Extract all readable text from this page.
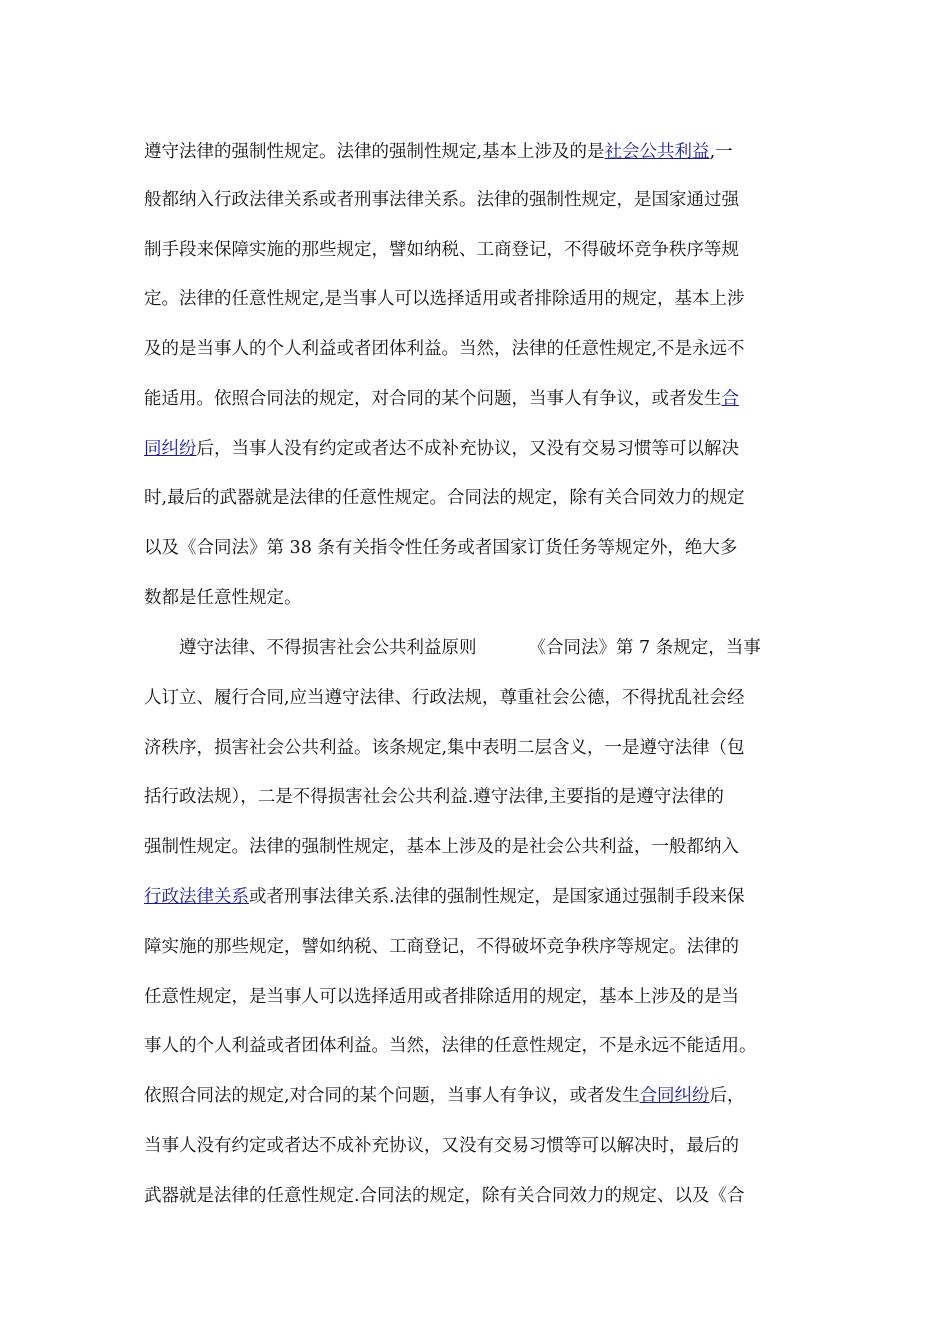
遵守法律的强制性规定。法律的强制性规定,基本上涉及的是社会公共利益,一
般都纳入行政法律关系或者刑事法律关系。法律的强制性规定，是国家通过强
制手段来保障实施的那些规定，譬如纳税、工商登记，不得破坏竞争秩序等规
定。法律的任意性规定,是当事人可以选择适用或者排除适用的规定，基本上涉
及的是当事人的个人利益或者团体利益。当然，法律的任意性规定,不是永远不
能适用。依照合同法的规定，对合同的某个问题，当事人有争议，或者发生合
同纠纷后，当事人没有约定或者达不成补充协议，又没有交易习惯等可以解决
时,最后的武器就是法律的任意性规定。合同法的规定，除有关合同效力的规定
以及《合同法》第 38 条有关指令性任务或者国家订货任务等规定外，绝大多
数都是任意性规定。
遵守法律、不得损害社会公共利益原则	《合同法》第 7 条规定，当事
人订立、履行合同,应当遵守法律、行政法规，尊重社会公德，不得扰乱社会经
济秩序，损害社会公共利益。该条规定,集中表明二层含义，一是遵守法律（包
括行政法规），二是不得损害社会公共利益.遵守法律,主要指的是遵守法律的
强制性规定。法律的强制性规定，基本上涉及的是社会公共利益，一般都纳入
行政法律关系或者刑事法律关系.法律的强制性规定，是国家通过强制手段来保
障实施的那些规定，譬如纳税、工商登记，不得破坏竞争秩序等规定。法律的
任意性规定，是当事人可以选择适用或者排除适用的规定，基本上涉及的是当
事人的个人利益或者团体利益。当然，法律的任意性规定，不是永远不能适用。
依照合同法的规定,对合同的某个问题，当事人有争议，或者发生合同纠纷后，
当事人没有约定或者达不成补充协议，又没有交易习惯等可以解决时，最后的
武器就是法律的任意性规定.合同法的规定，除有关合同效力的规定、以及《合
